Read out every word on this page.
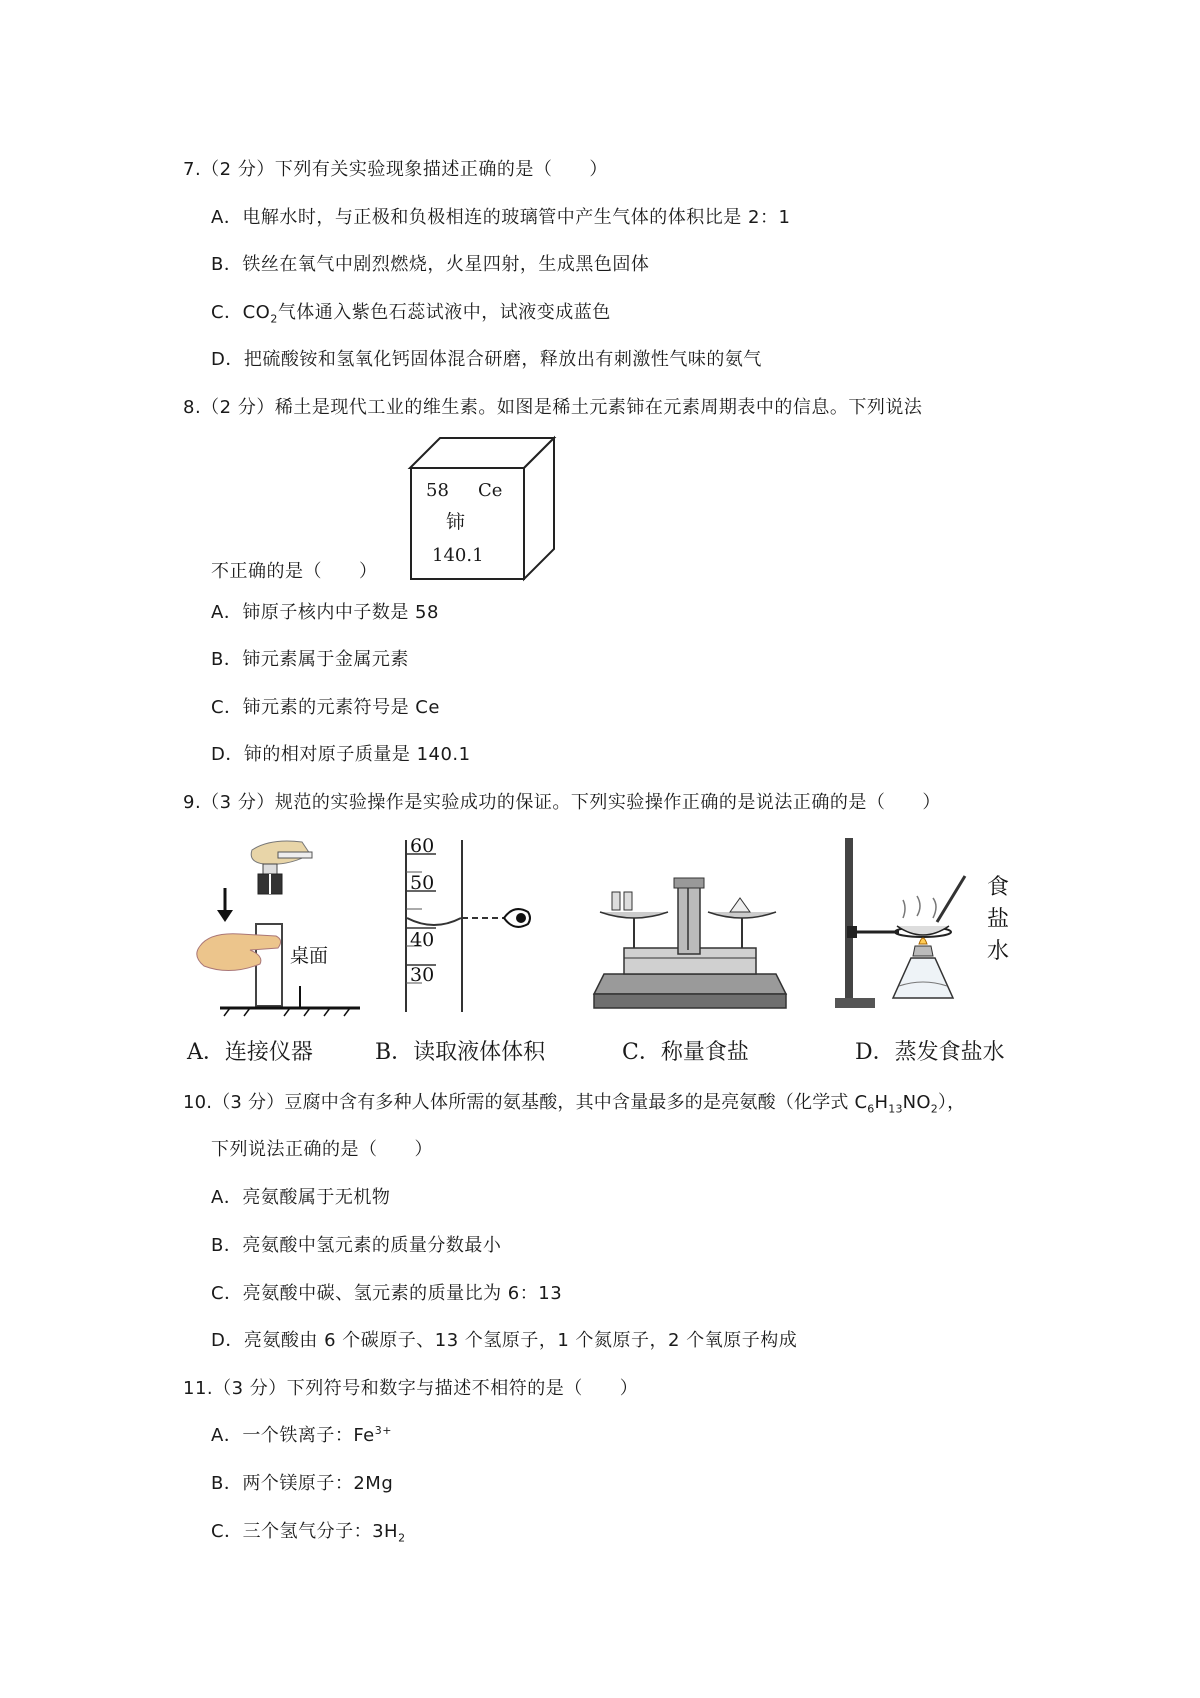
7.（2 分）下列有关实验现象描述正确的是（　　）
A．电解水时，与正极和负极相连的玻璃管中产生气体的体积比是 2：1
B．铁丝在氧气中剧烈燃烧，火星四射，生成黑色固体
C．$CO_2$气体通入紫色石蕊试液中，试液变成蓝色
D．把硫酸铵和氢氧化钙固体混合研磨，释放出有刺激性气味的氨气
8.（2 分）稀土是现代工业的维生素。如图是稀土元素铈在元素周期表中的信息。下列说法
58 Ce
铈
140.1
不正确的是（　　）
A．铈原子核内中子数是 58
B．铈元素属于金属元素
C．铈元素的元素符号是 Ce
D．铈的相对原子质量是 140.1
9.（3 分）规范的实验操作是实验成功的保证。下列实验操作正确的是说法正确的是（　　）
桌面
A．连接仪器
60
50
40
30
B．读取液体体积	C．称量食盐
食
盐
水
D．蒸发食盐水
10.（3 分）豆腐中含有多种人体所需的氨基酸，其中含量最多的是亮氨酸（化学式 $C_6H_{13}NO_2$），
下列说法正确的是（　　）
A．亮氨酸属于无机物
B．亮氨酸中氢元素的质量分数最小
C．亮氨酸中碳、氢元素的质量比为 6：13
D．亮氨酸由 6 个碳原子、13 个氢原子，1 个氮原子，2 个氧原子构成
11.（3 分）下列符号和数字与描述不相符的是（　　）
A．一个铁离子：$Fe^{3+}$
B．两个镁原子：2Mg
C．三个氢气分子：$3H_2$
